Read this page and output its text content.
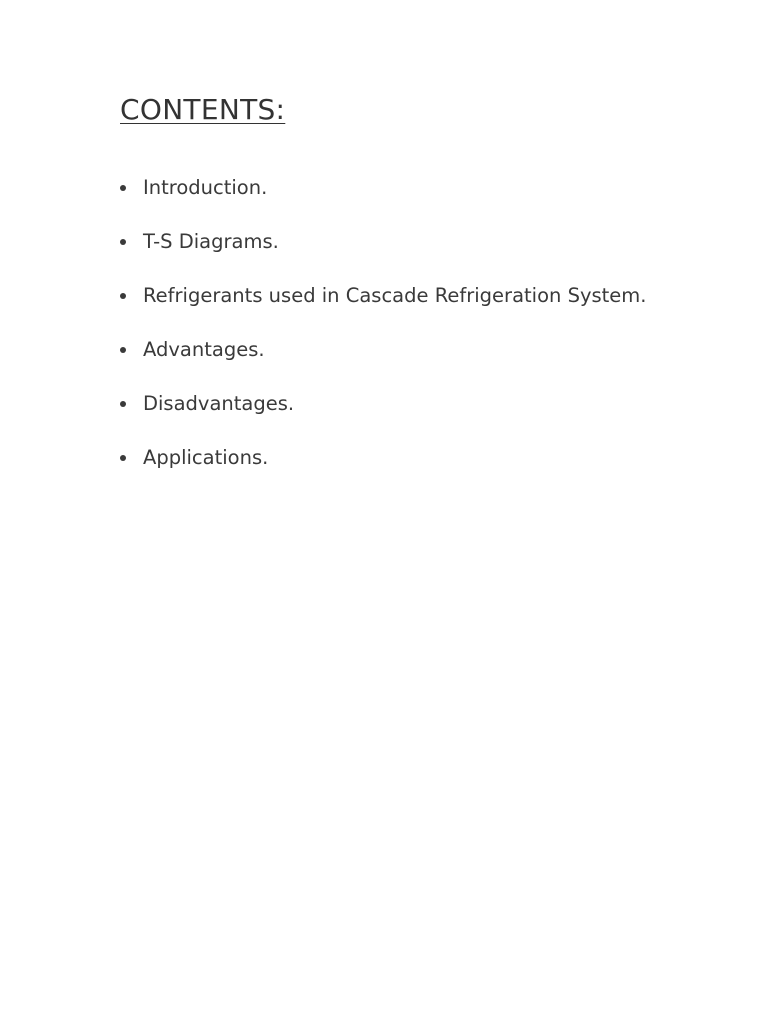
CONTENTS:
Introduction.
T-S Diagrams.
Refrigerants used in Cascade Refrigeration System.
Advantages.
Disadvantages.
Applications.
